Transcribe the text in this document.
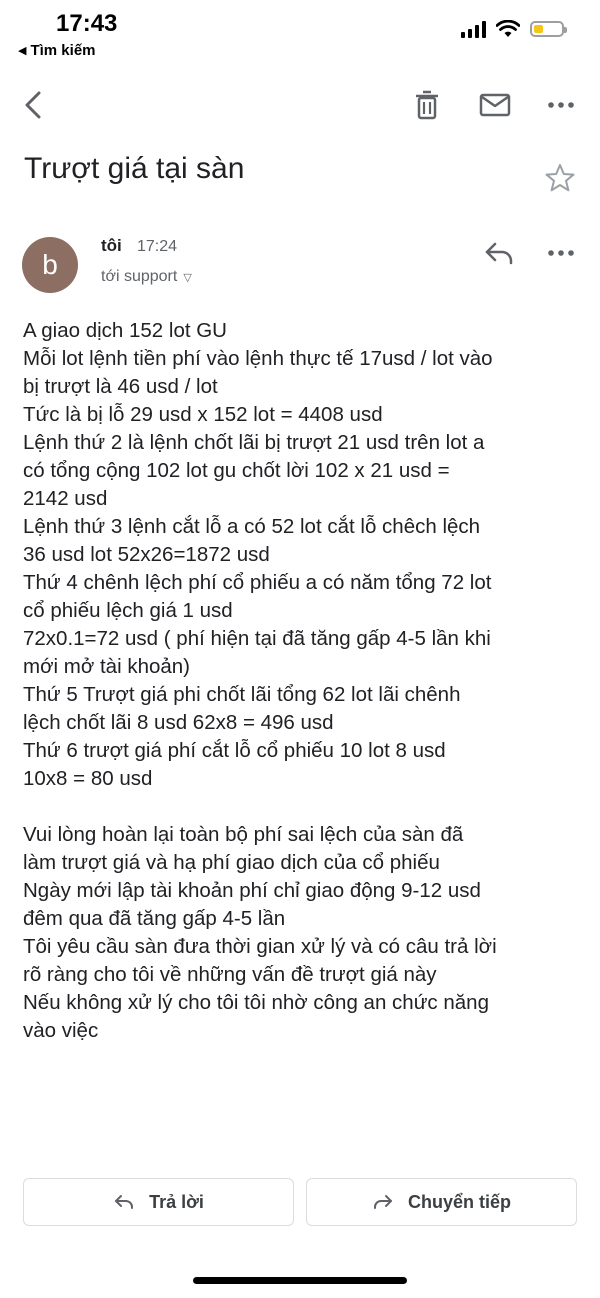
17:43
◀ Tìm kiếm
Trượt giá tại sàn
b
tôi 17:24
tới support ▽
A giao dịch 152 lot GU
Mỗi lot lệnh tiền phí vào lệnh thực tế 17usd / lot vào
bị trượt là 46 usd / lot
Tức là bị lỗ 29 usd x 152 lot = 4408 usd
Lệnh thứ 2 là lệnh chốt lãi bị trượt 21 usd trên lot a
có tổng cộng 102 lot gu chốt lời 102 x 21 usd =
2142 usd
Lệnh thứ 3 lệnh cắt lỗ a có 52 lot cắt lỗ chêch lệch
36 usd lot 52x26=1872 usd
Thứ 4 chênh lệch phí cổ phiếu a có năm tổng 72 lot
cổ phiếu lệch giá 1 usd
72x0.1=72 usd ( phí hiện tại đã tăng gấp 4-5 lần khi
mới mở tài khoản)
Thứ 5 Trượt giá phi chốt lãi tổng 62 lot lãi chênh
lệch chốt lãi 8 usd 62x8 = 496 usd
Thứ 6 trượt giá phí cắt lỗ cổ phiếu 10 lot 8 usd
10x8 = 80 usd
Vui lòng hoàn lại toàn bộ phí sai lệch của sàn đã
làm trượt giá và hạ phí giao dịch của cổ phiếu
Ngày mới lập tài khoản phí chỉ giao động 9-12 usd
đêm qua đã tăng gấp 4-5 lần
Tôi yêu cầu sàn đưa thời gian xử lý và có câu trả lời
rõ ràng cho tôi về những vấn đề trượt giá này
Nếu không xử lý cho tôi tôi nhờ công an chức năng
vào việc
Trả lời	Chuyển tiếp
